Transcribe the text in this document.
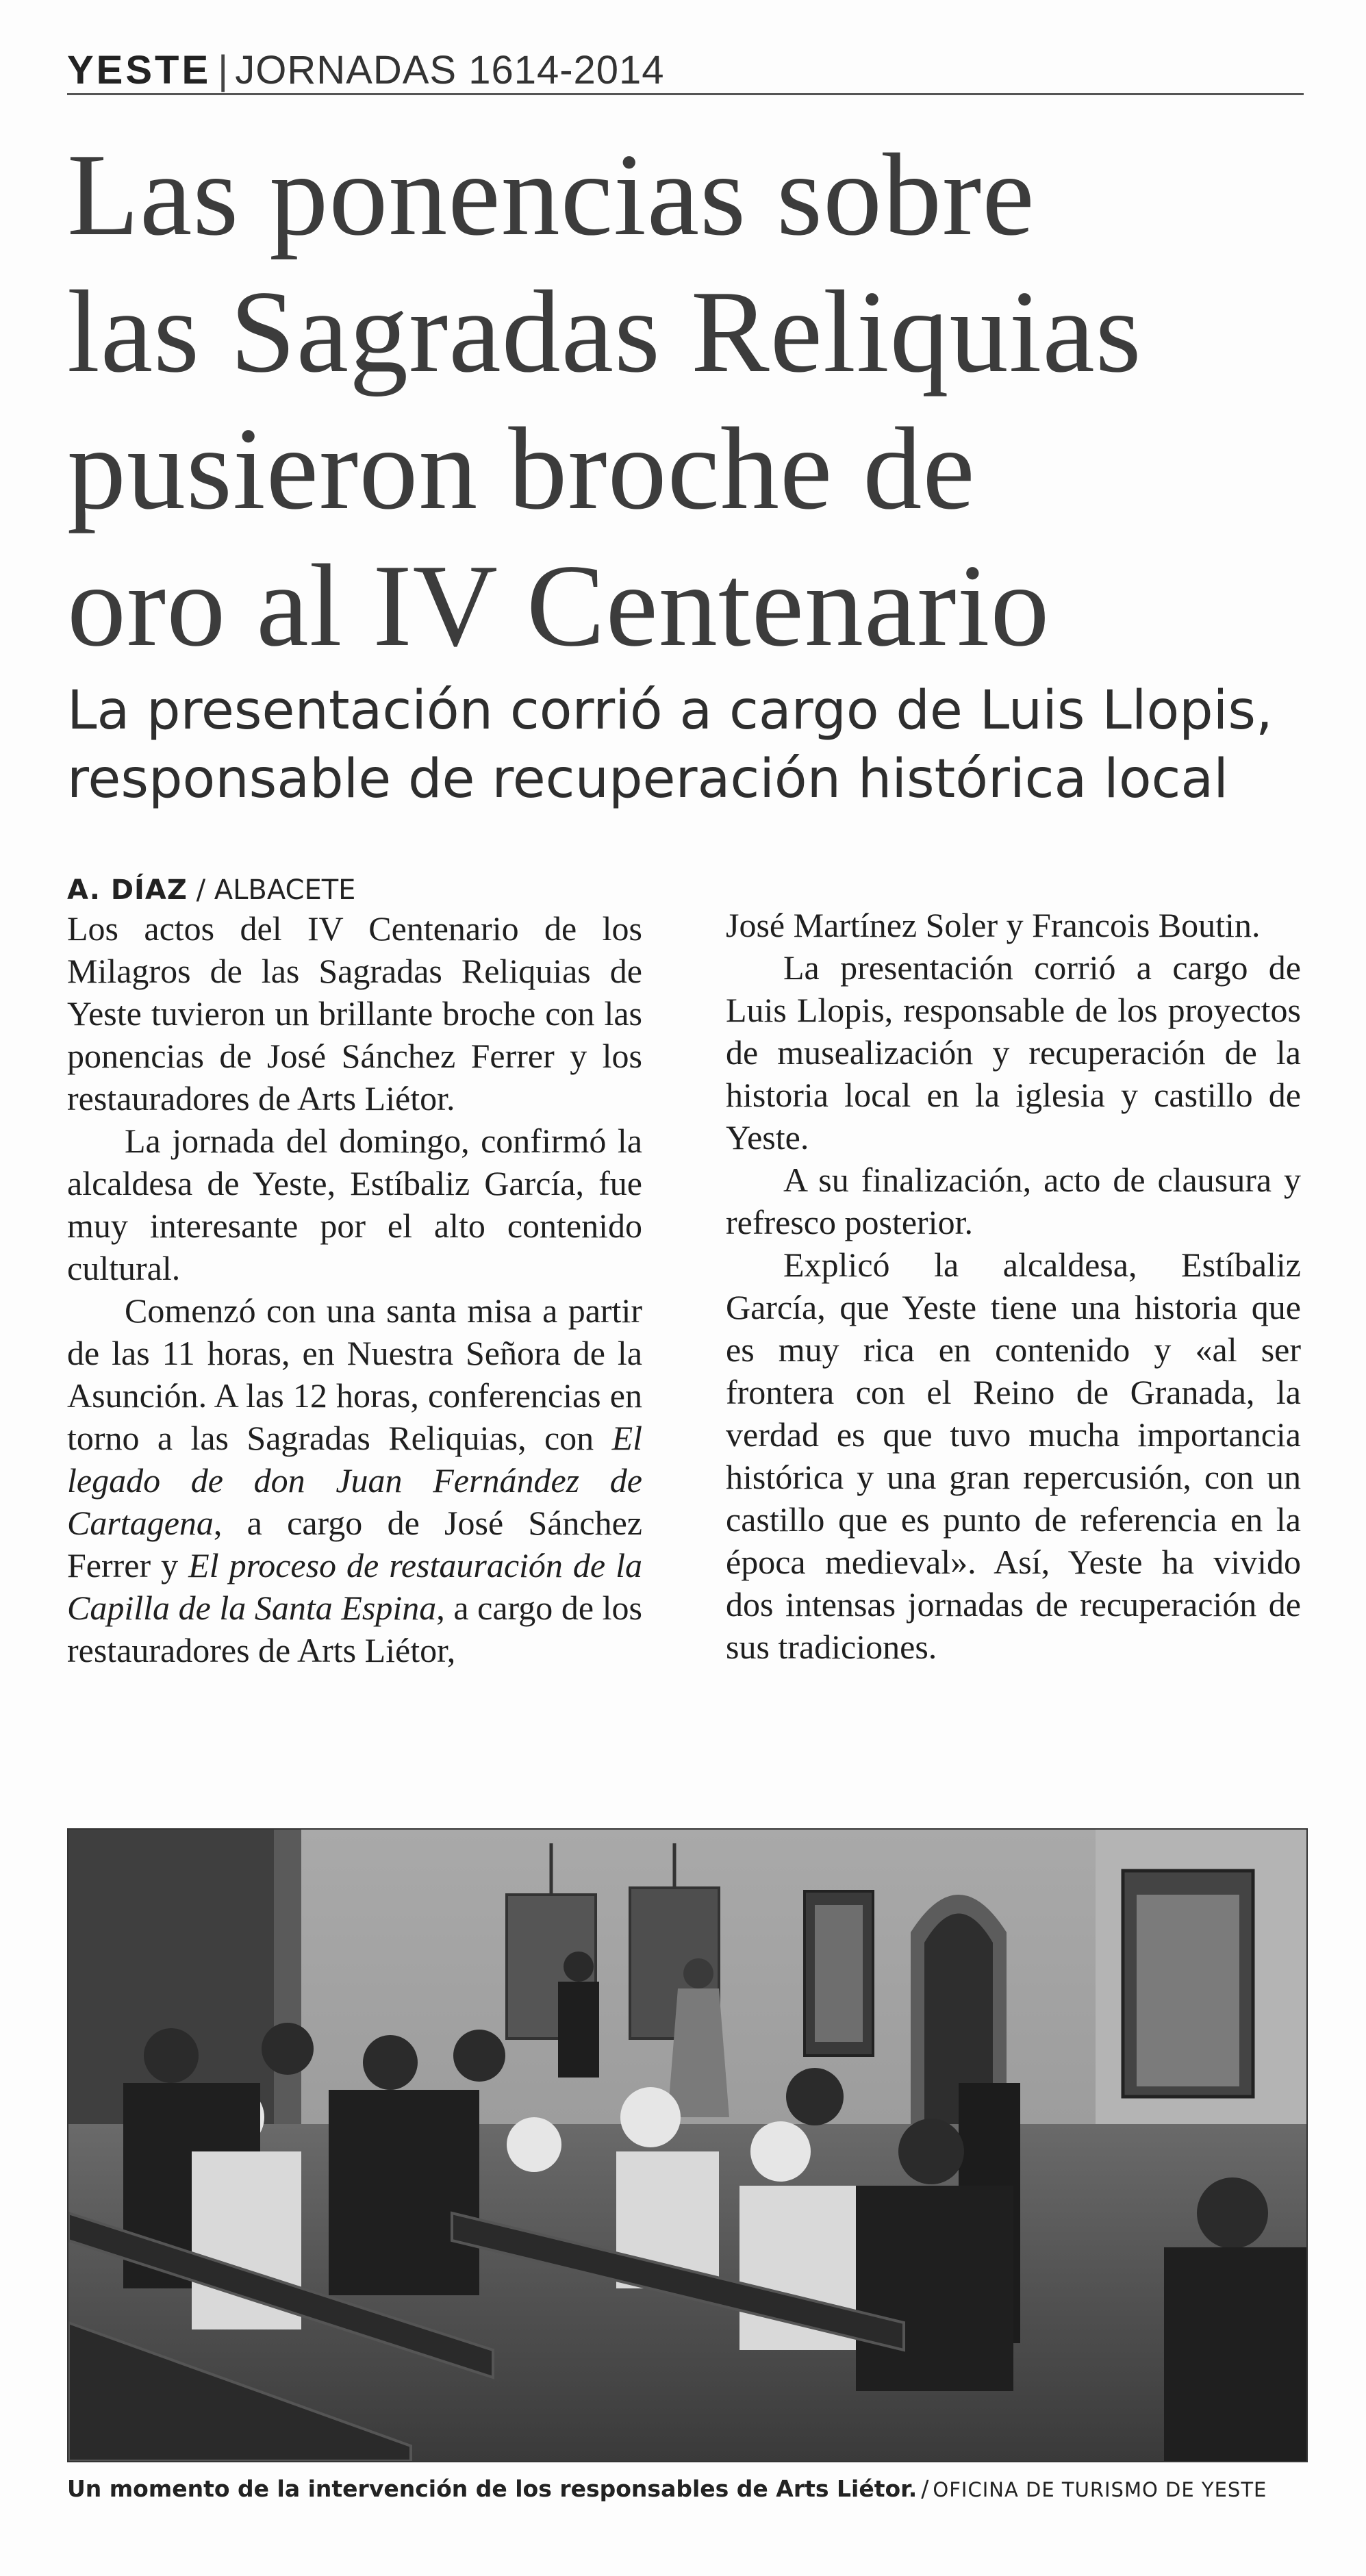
YESTE | JORNADAS 1614-2014
Las ponencias sobre
las Sagradas Reliquias
pusieron broche de
oro al IV Centenario
La presentación corrió a cargo de Luis Llopis,
responsable de recuperación histórica local

A. DÍAZ / ALBACETE

Los actos del IV Centenario de los Milagros de las Sagradas Reliquias de Yeste tuvieron un brillante broche con las ponencias de José Sánchez Ferrer y los restauradores de Arts Liétor.

La jornada del domingo, confirmó la alcaldesa de Yeste, Estíbaliz García, fue muy interesante por el alto contenido cultural.

Comenzó con una santa misa a partir de las 11 horas, en Nuestra Señora de la Asunción. A las 12 horas, conferencias en torno a las Sagradas Reliquias, con El legado de don Juan Fernández de Cartagena, a cargo de José Sánchez Ferrer y El proceso de restauración de la Capilla de la Santa Espina, a cargo de los restauradores de Arts Liétor,

José Martínez Soler y Francois Boutin.

La presentación corrió a cargo de Luis Llopis, responsable de los proyectos de musealización y recuperación de la historia local en la iglesia y castillo de Yeste.

A su finalización, acto de clausura y refresco posterior.

Explicó la alcaldesa, Estíbaliz García, que Yeste tiene una historia que es muy rica en contenido y «al ser frontera con el Reino de Granada, la verdad es que tuvo mucha importancia histórica y una gran repercusión, con un castillo que es punto de referencia en la época medieval». Así, Yeste ha vivido dos intensas jornadas de recuperación de sus tradiciones.

Un momento de la intervención de los responsables de Arts Liétor. / OFICINA DE TURISMO DE YESTE
